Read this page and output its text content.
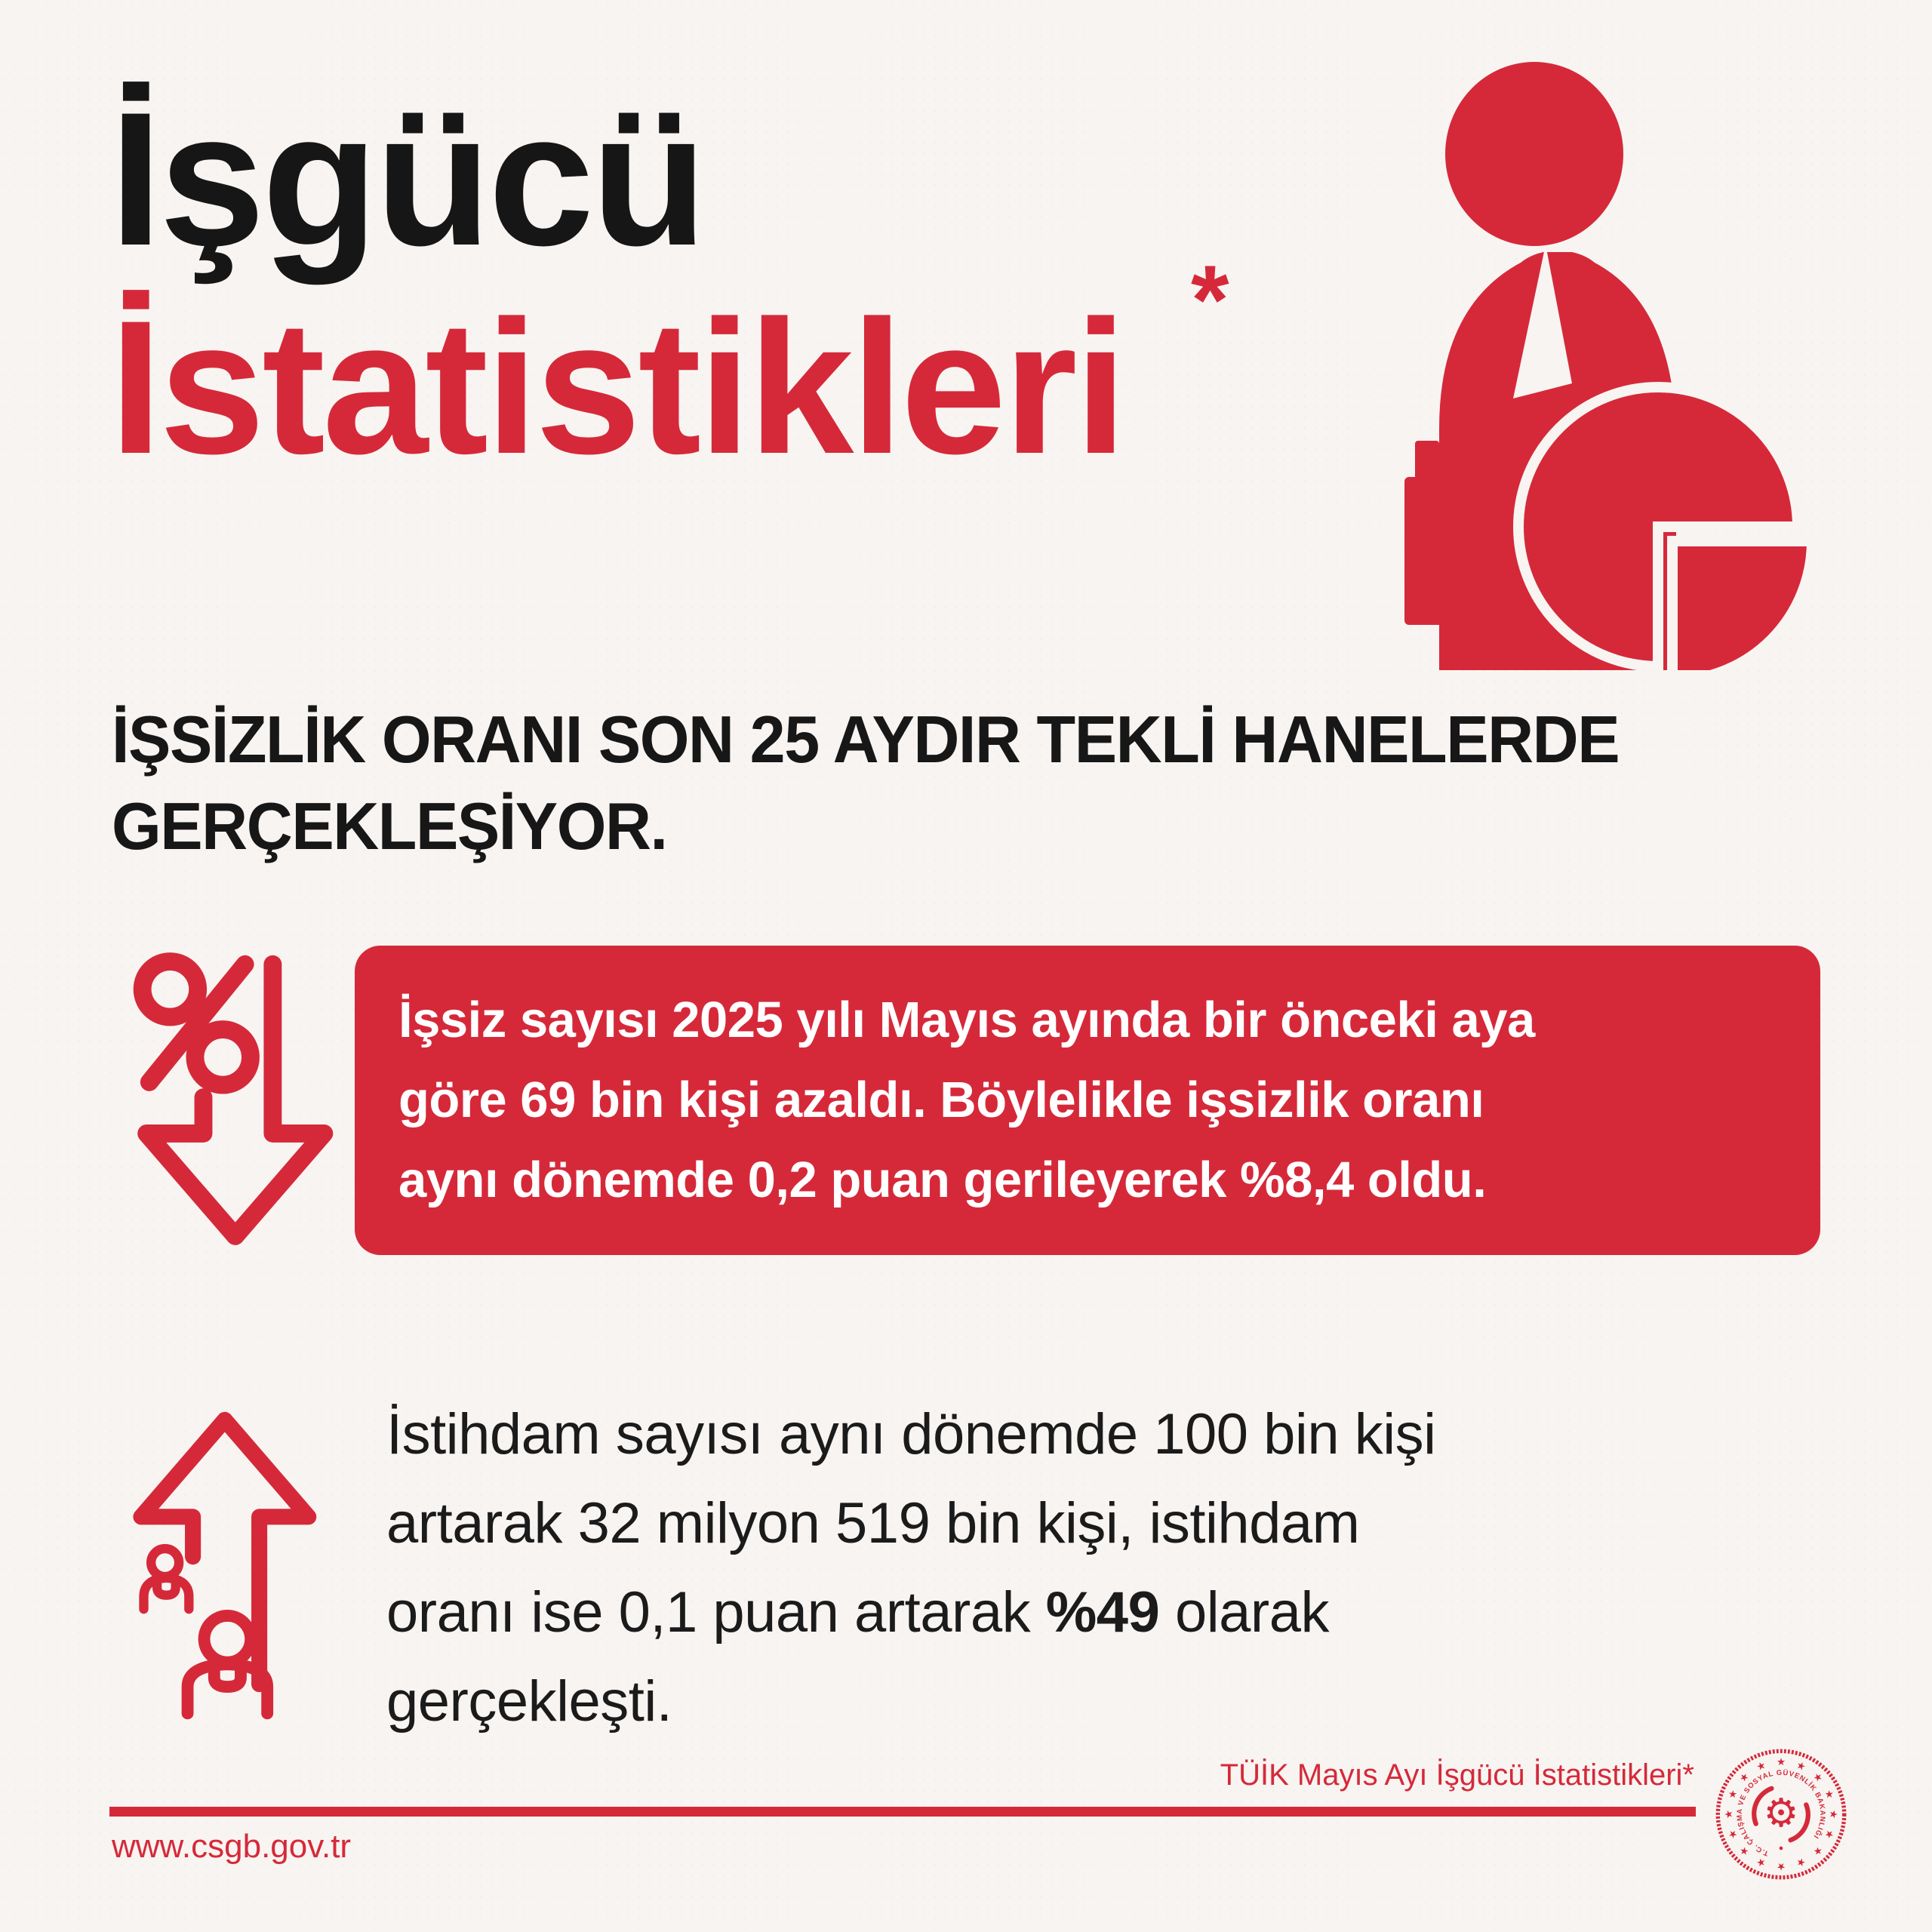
İşgücü
İstatistikleri *
İŞSİZLİK ORANI SON 25 AYDIR TEKLİ HANELERDE
GERÇEKLEŞİYOR.

İşsiz sayısı 2025 yılı Mayıs ayında bir önceki aya
göre 69 bin kişi azaldı. Böylelikle işsizlik oranı
aynı dönemde 0,2 puan gerileyerek %8,4 oldu.

İstihdam sayısı aynı dönemde 100 bin kişi
artarak 32 milyon 519 bin kişi, istihdam
oranı ise 0,1 puan artarak %49 olarak
gerçekleşti.

TÜİK Mayıs Ayı İşgücü İstatistikleri*
www.csgb.gov.tr
★ ★
★
★
★
★
★
★
★
★
★
★
★
★
★
★
T.C. ÇALIŞMA VE SOSYAL GÜVENLİK BAKANLIĞI
⚙
